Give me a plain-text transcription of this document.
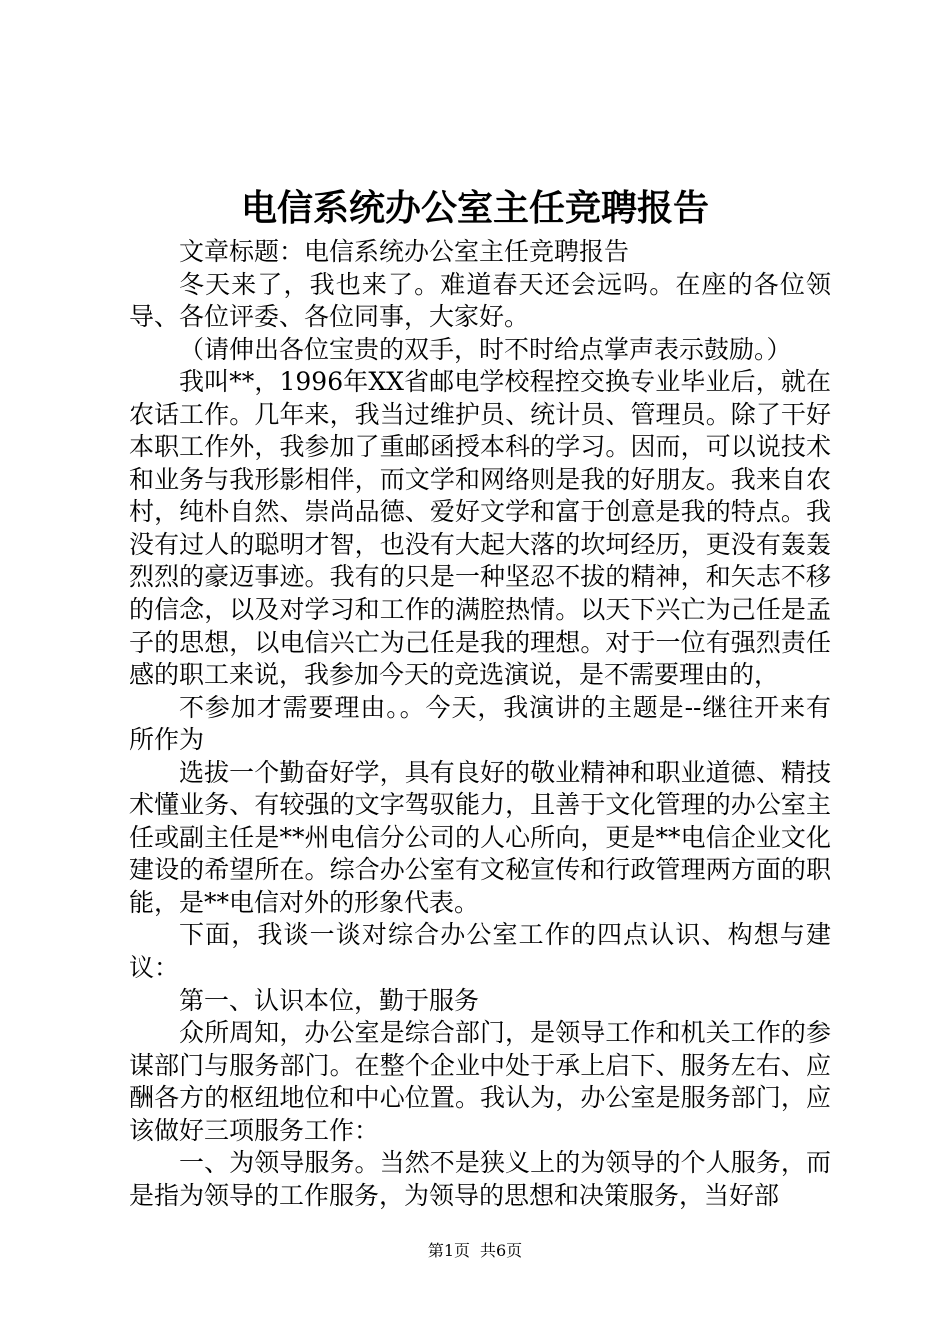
电信系统办公室主任竞聘报告

文章标题：电信系统办公室主任竞聘报告

冬天来了，我也来了。难道春天还会远吗。在座的各位领导、各位评委、各位同事，大家好。

（请伸出各位宝贵的双手，时不时给点掌声表示鼓励。）

我叫**，1996年XX省邮电学校程控交换专业毕业后，就在农话工作。几年来，我当过维护员、统计员、管理员。除了干好本职工作外，我参加了重邮函授本科的学习。因而，可以说技术和业务与我形影相伴，而文学和网络则是我的好朋友。我来自农村，纯朴自然、崇尚品德、爱好文学和富于创意是我的特点。我没有过人的聪明才智，也没有大起大落的坎坷经历，更没有轰轰烈烈的豪迈事迹。我有的只是一种坚忍不拔的精神，和矢志不移的信念，以及对学习和工作的满腔热情。以天下兴亡为己任是孟子的思想，以电信兴亡为己任是我的理想。对于一位有强烈责任感的职工来说，我参加今天的竞选演说，是不需要理由的，

不参加才需要理由。。今天，我演讲的主题是--继往开来有所作为

选拔一个勤奋好学，具有良好的敬业精神和职业道德、精技术懂业务、有较强的文字驾驭能力，且善于文化管理的办公室主任或副主任是**州电信分公司的人心所向，更是**电信企业文化建设的希望所在。综合办公室有文秘宣传和行政管理两方面的职能，是**电信对外的形象代表。

下面，我谈一谈对综合办公室工作的四点认识、构想与建议：

第一、认识本位，勤于服务

众所周知，办公室是综合部门，是领导工作和机关工作的参谋部门与服务部门。在整个企业中处于承上启下、服务左右、应酬各方的枢纽地位和中心位置。我认为，办公室是服务部门，应该做好三项服务工作：

一、为领导服务。当然不是狭义上的为领导的个人服务，而是指为领导的工作服务，为领导的思想和决策服务，当好部

第1页 共6页
